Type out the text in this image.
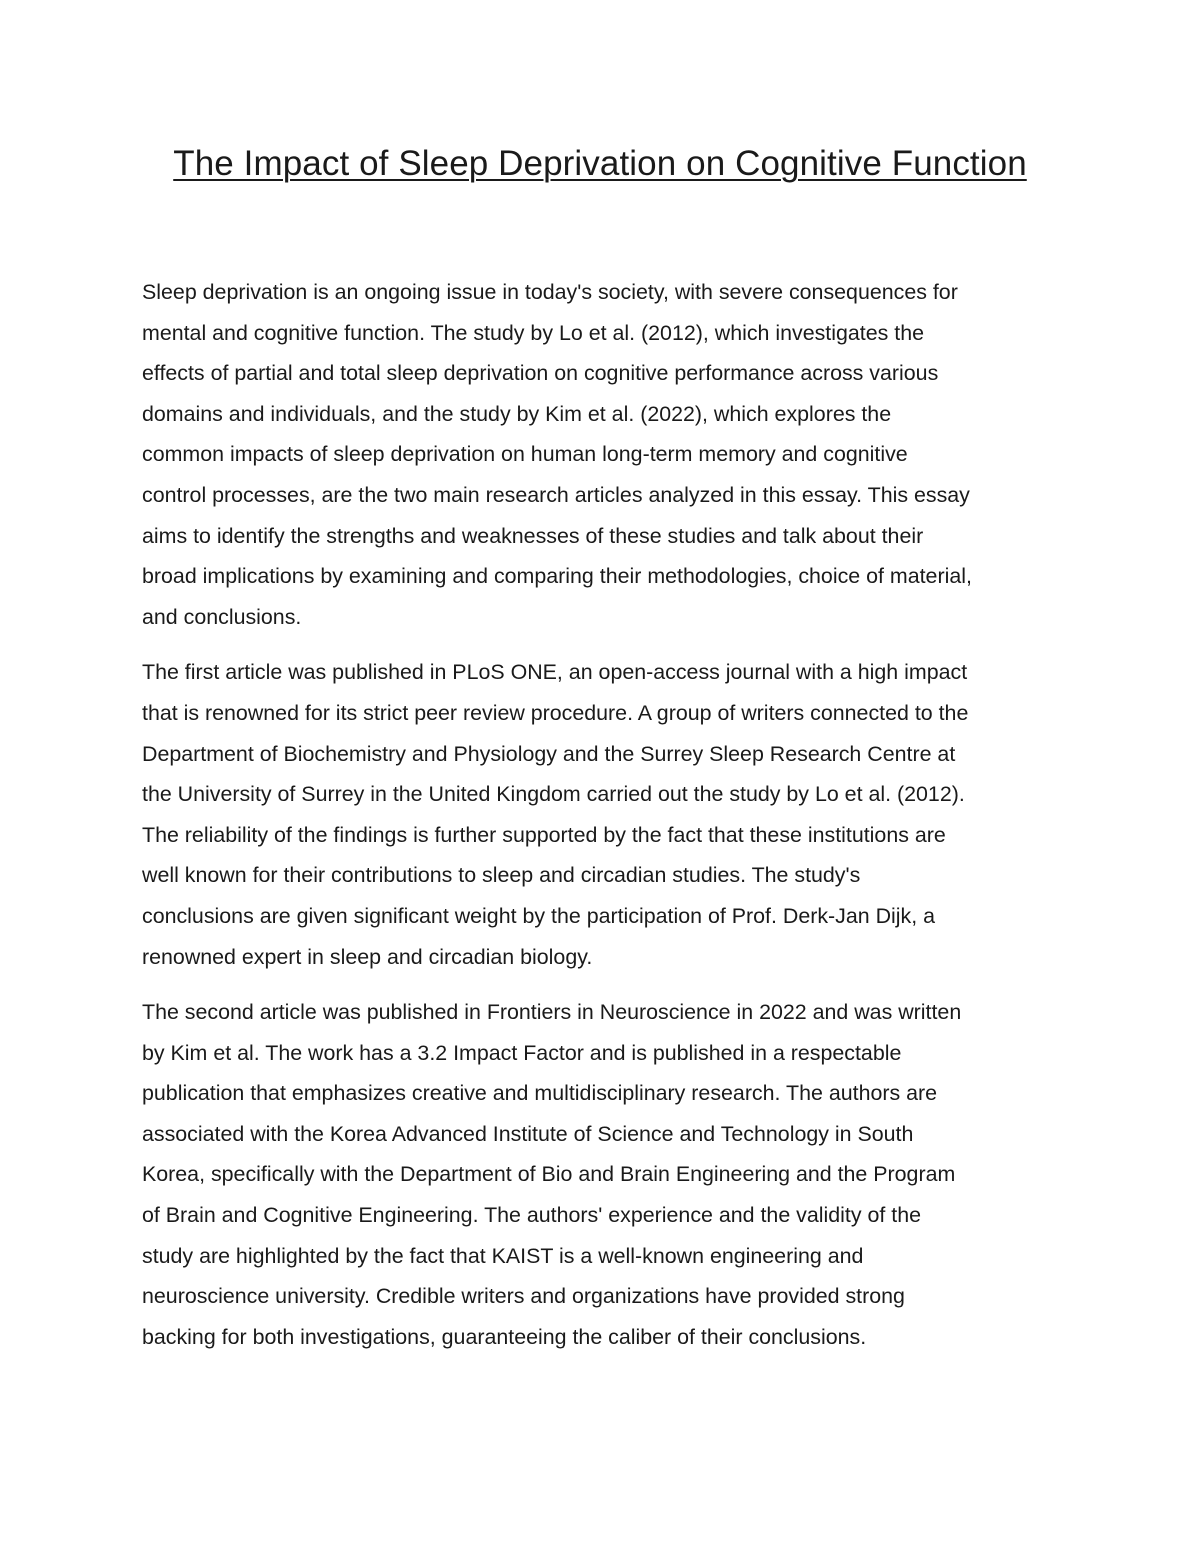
The Impact of Sleep Deprivation on Cognitive Function

Sleep deprivation is an ongoing issue in today's society, with severe consequences for
mental and cognitive function. The study by Lo et al. (2012), which investigates the
effects of partial and total sleep deprivation on cognitive performance across various
domains and individuals, and the study by Kim et al. (2022), which explores the
common impacts of sleep deprivation on human long-term memory and cognitive
control processes, are the two main research articles analyzed in this essay. This essay
aims to identify the strengths and weaknesses of these studies and talk about their
broad implications by examining and comparing their methodologies, choice of material,
and conclusions.

The first article was published in PLoS ONE, an open-access journal with a high impact
that is renowned for its strict peer review procedure. A group of writers connected to the
Department of Biochemistry and Physiology and the Surrey Sleep Research Centre at
the University of Surrey in the United Kingdom carried out the study by Lo et al. (2012).
The reliability of the findings is further supported by the fact that these institutions are
well known for their contributions to sleep and circadian studies. The study's
conclusions are given significant weight by the participation of Prof. Derk-Jan Dijk, a
renowned expert in sleep and circadian biology.

The second article was published in Frontiers in Neuroscience in 2022 and was written
by Kim et al. The work has a 3.2 Impact Factor and is published in a respectable
publication that emphasizes creative and multidisciplinary research. The authors are
associated with the Korea Advanced Institute of Science and Technology in South
Korea, specifically with the Department of Bio and Brain Engineering and the Program
of Brain and Cognitive Engineering. The authors' experience and the validity of the
study are highlighted by the fact that KAIST is a well-known engineering and
neuroscience university. Credible writers and organizations have provided strong
backing for both investigations, guaranteeing the caliber of their conclusions.
